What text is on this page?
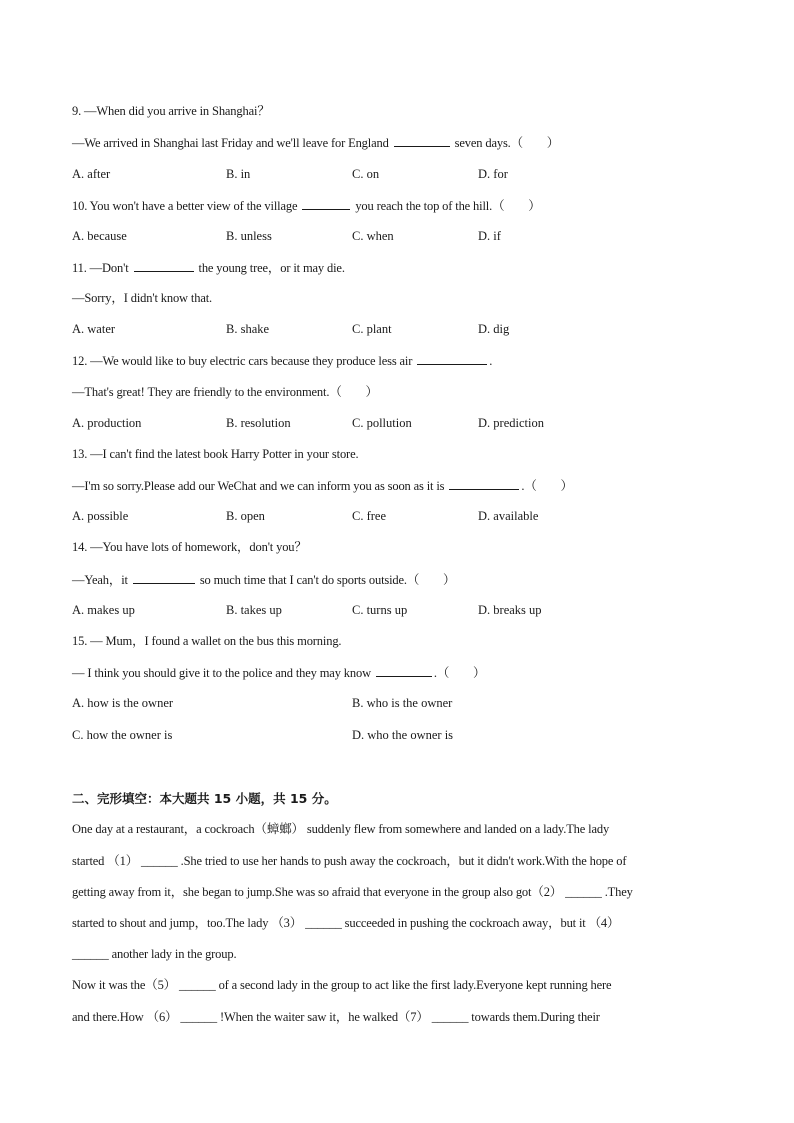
9. —When did you arrive in Shanghai？
—We arrived in Shanghai last Friday and we'll leave for England	seven days.（        ）
A. after	B. in	C. on	D. for
10. You won't have a better view of the village	you reach the top of the hill.（        ）
A. because	B. unless	C. when	D. if
11. —Don't	the young tree，or it may die.
—Sorry，I didn't know that.
A. water	B. shake	C. plant	D. dig
12. —We would like to buy electric cars because they produce less air	.
—That's great! They are friendly to the environment.（        ）
A. production	B. resolution	C. pollution	D. prediction
13. —I can't find the latest book Harry Potter in your store.
—I'm so sorry.Please add our WeChat and we can inform you as soon as it is	.（        ）
A. possible	B. open	C. free	D. available
14. —You have lots of homework，don't you？
—Yeah，it	so much time that I can't do sports outside.（        ）
A. makes up	B. takes up	C. turns up	D. breaks up
15. — Mum，I found a wallet on the bus this morning.
— I think you should give it to the police and they may know	.（        ）
A. how is the owner	B. who is the owner
C. how the owner is	D. who the owner is
二、完形填空：本大题共 15 小题，共 15 分。
One day at a restaurant，a cockroach（蟑螂） suddenly flew from somewhere and landed on a lady.The lady
started （1） ______ .She tried to use her hands to push away the cockroach，but it didn't work.With the hope of
getting away from it，she began to jump.She was so afraid that everyone in the group also got（2） ______ .They
started to shout and jump，too.The lady （3） ______ succeeded in pushing the cockroach away，but it （4）
______ another lady in the group.
Now it was the（5） ______ of a second lady in the group to act like the first lady.Everyone kept running here
and there.How （6） ______ !When the waiter saw it，he walked（7） ______ towards them.During their
